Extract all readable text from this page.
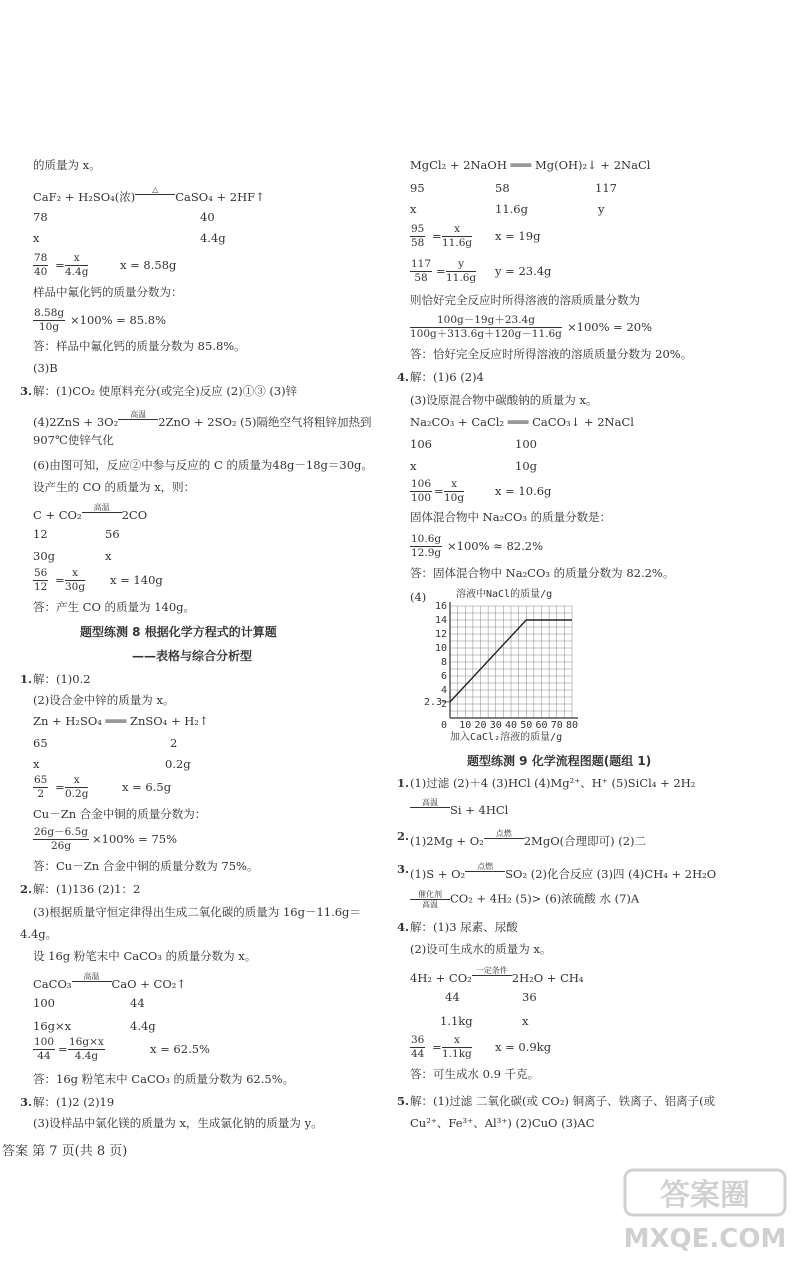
的质量为 x。
CaF₂ + H₂SO₄(浓)
△

CaSO₄ + 2HF↑
78	40
x	4.4g
$\frac{78}{40} = \frac{x}{4.4g}$	x = 8.58g
样品中氟化钙的质量分数为：
$\frac{8.58g}{10g} \times 100\% = 85.8\%$
答：样品中氟化钙的质量分数为 85.8%。
(3)B
3. 解：(1)CO₂ 使原料充分(或完全)反应 (2)①③ (3)锌
(4)2ZnS + 3O₂
高温

2ZnO + 2SO₂ (5)隔绝空气将粗锌加热到
907℃使锌气化
(6)由图可知，反应②中参与反应的 C 的质量为48g－18g＝30g。
设产生的 CO 的质量为 x，则：
C + CO₂
高温

2CO
12	56
30g	x
$\frac{56}{12} = \frac{x}{30g}$ x = 140g
答：产生 CO 的质量为 140g。
题型练测 8 根据化学方程式的计算题
——表格与综合分析型
1. 解：(1)0.2
(2)设合金中锌的质量为 x。
Zn + H₂SO₄ ═══ ZnSO₄ + H₂↑
65	2
x	0.2g
$\frac{65}{2} = \frac{x}{0.2g}$	x = 6.5g
Cu－Zn 合金中铜的质量分数为：
$\frac{26g-6.5g}{26g} \times 100\% = 75\%$
答：Cu－Zn 合金中铜的质量分数为 75%。
2. 解：(1)136 (2)1：2
(3)根据质量守恒定律得出生成二氧化碳的质量为 16g－11.6g＝
4.4g。
设 16g 粉笔末中 CaCO₃ 的质量分数为 x。
CaCO₃
高温

CaO + CO₂↑
100	44
16g×x	4.4g
$\frac{100}{44} = \frac{16g\times x}{4.4g}$	x = 62.5%
答：16g 粉笔末中 CaCO₃ 的质量分数为 62.5%。
3. 解：(1)2 (2)19
(3)设样品中氯化镁的质量为 x，生成氯化钠的质量为 y。
MgCl₂ + 2NaOH ═══ Mg(OH)₂↓ + 2NaCl
95	58	117
x	11.6g	y
$\frac{95}{58} = \frac{x}{11.6g}$ x = 19g
$\frac{117}{58} = \frac{y}{11.6g}$ y = 23.4g
则恰好完全反应时所得溶液的溶质质量分数为
$\frac{100g-19g+23.4g}{100g+313.6g+120g-11.6g} \times 100\% = 20\%$
答：恰好完全反应时所得溶液的溶质质量分数为 20%。
4. 解：(1)6 (2)4
(3)设原混合物中碳酸钠的质量为 x。
Na₂CO₃ + CaCl₂ ═══ CaCO₃↓ + 2NaCl
106	100
x	10g
$\frac{106}{100} = \frac{x}{10g}$	x = 10.6g
固体混合物中 Na₂CO₃ 的质量分数是：
$\frac{10.6g}{12.9g} \times 100\% \approx 82.2\%$
答：固体混合物中 Na₂CO₃ 的质量分数为 82.2%。
(4)
10 20 30 40 50 60 70 80
2
4
6
8
10
12
14
16
0
2.3
溶液中NaCl的质量/g
加入CaCl₂溶液的质量/g
题型练测 9 化学流程图题(题组 1)
1. (1)过滤 (2)＋4 (3)HCl (4)Mg²⁺、H⁺ (5)SiCl₄ + 2H₂
高温

Si + 4HCl
2. (1)2Mg + O₂
点燃

2MgO(合理即可) (2)二
3. (1)S + O₂
点燃

SO₂ (2)化合反应 (3)四 (4)CH₄ + 2H₂O
催化剂
高温	CO₂ + 4H₂ (5)> (6)浓硫酸 水 (7)A
4. 解：(1)3 尿素、尿酸
(2)设可生成水的质量为 x。
4H₂ + CO₂
一定条件

2H₂O + CH₄
44	36
1.1kg	x
$\frac{36}{44} = \frac{x}{1.1kg}$ x = 0.9kg
答：可生成水 0.9 千克。
5. 解：(1)过滤 二氧化碳(或 CO₂) 铜离子、铁离子、铝离子(或
Cu²⁺、Fe³⁺、Al³⁺) (2)CuO (3)AC
答案 第 7 页(共 8 页)
答案圈
MXQE.COM
